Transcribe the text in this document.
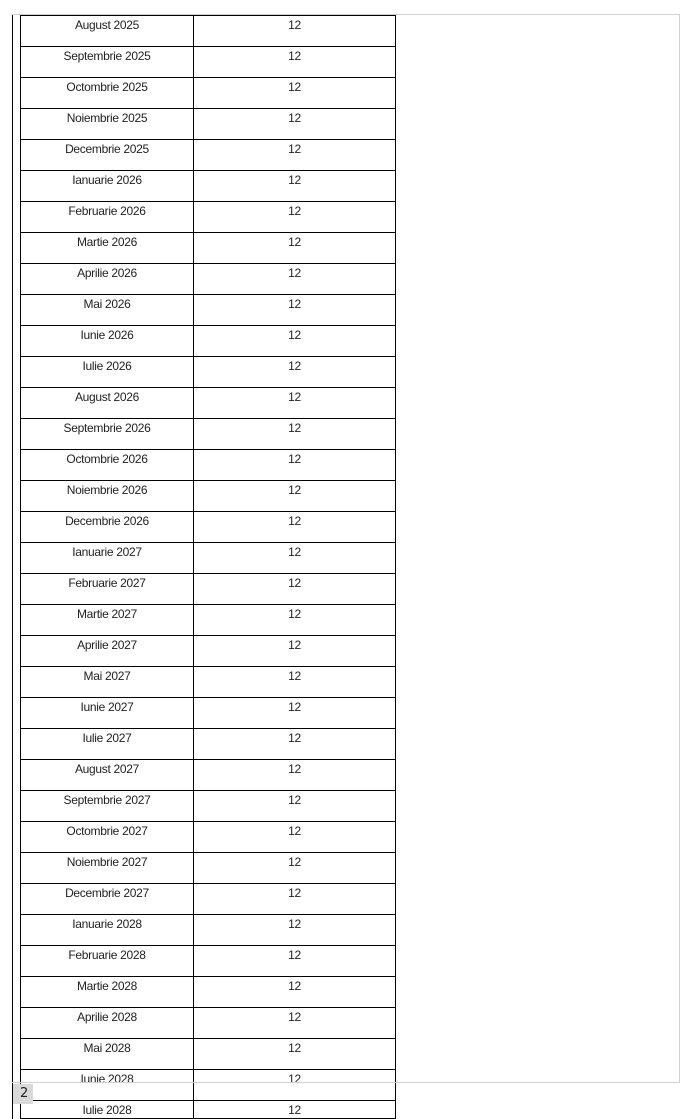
August 2025	12
Septembrie 2025	12
Octombrie 2025	12
Noiembrie 2025	12
Decembrie 2025	12
Ianuarie 2026	12
Februarie 2026	12
Martie 2026	12
Aprilie 2026	12
Mai 2026	12
Iunie 2026	12
Iulie 2026	12
August 2026	12
Septembrie 2026	12
Octombrie 2026	12
Noiembrie 2026	12
Decembrie 2026	12
Ianuarie 2027	12
Februarie 2027	12
Martie 2027	12
Aprilie 2027	12
Mai 2027	12
Iunie 2027	12
Iulie 2027	12
August 2027	12
Septembrie 2027	12
Octombrie 2027	12
Noiembrie 2027	12
Decembrie 2027	12
Ianuarie 2028	12
Februarie 2028	12
Martie 2028	12
Aprilie 2028	12
Mai 2028	12
Iunie 2028	12
Iulie 2028	12
2
